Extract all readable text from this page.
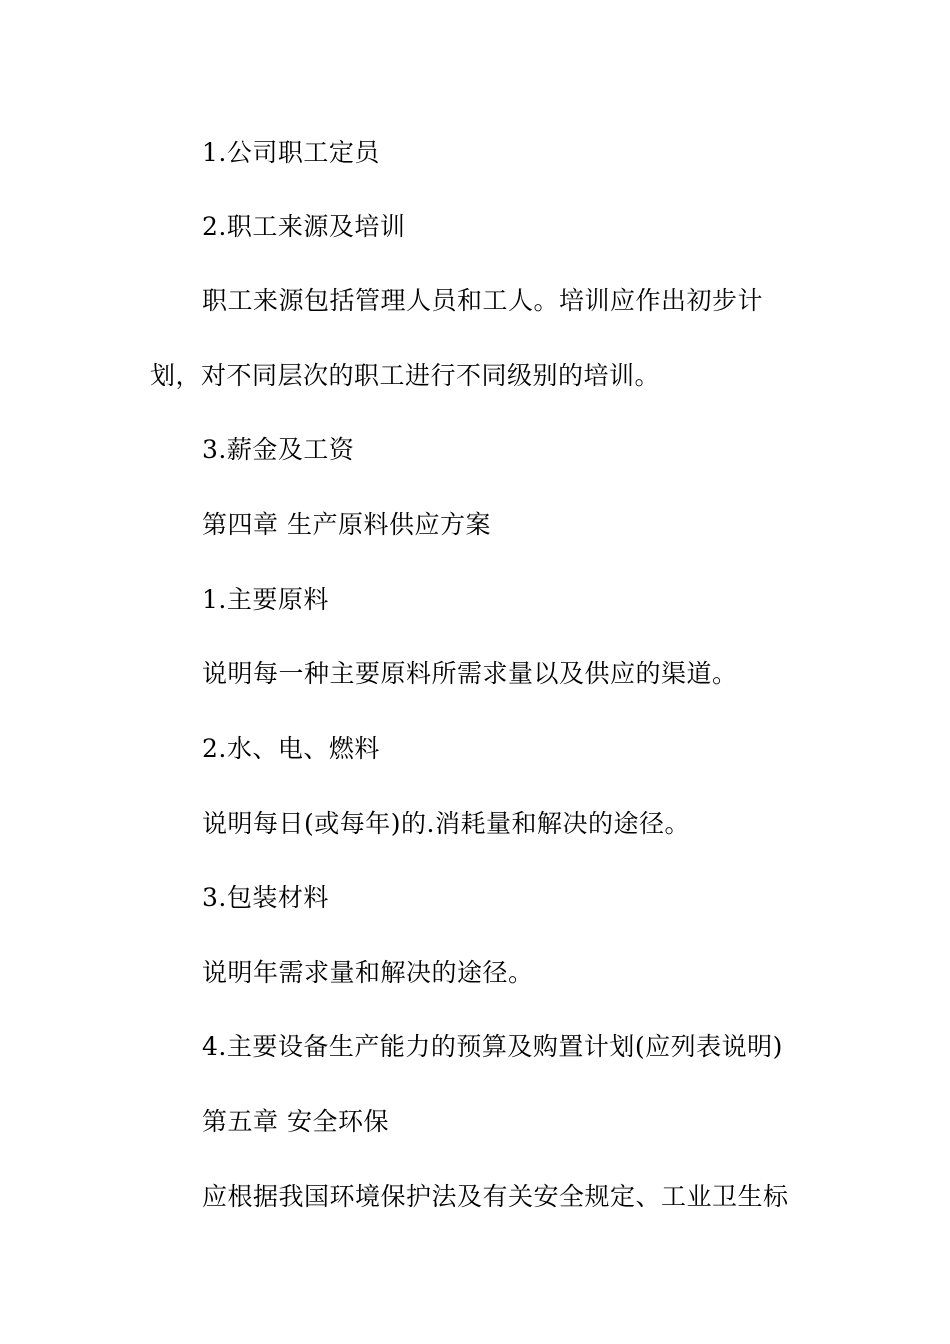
1.公司职工定员
2.职工来源及培训
职工来源包括管理人员和工人。培训应作出初步计
划，对不同层次的职工进行不同级别的培训。
3.薪金及工资
第四章 生产原料供应方案
1.主要原料
说明每一种主要原料所需求量以及供应的渠道。
2.水、电、燃料
说明每日(或每年)的.消耗量和解决的途径。
3.包装材料
说明年需求量和解决的途径。
4.主要设备生产能力的预算及购置计划(应列表说明)
第五章 安全环保
应根据我国环境保护法及有关安全规定、工业卫生标
